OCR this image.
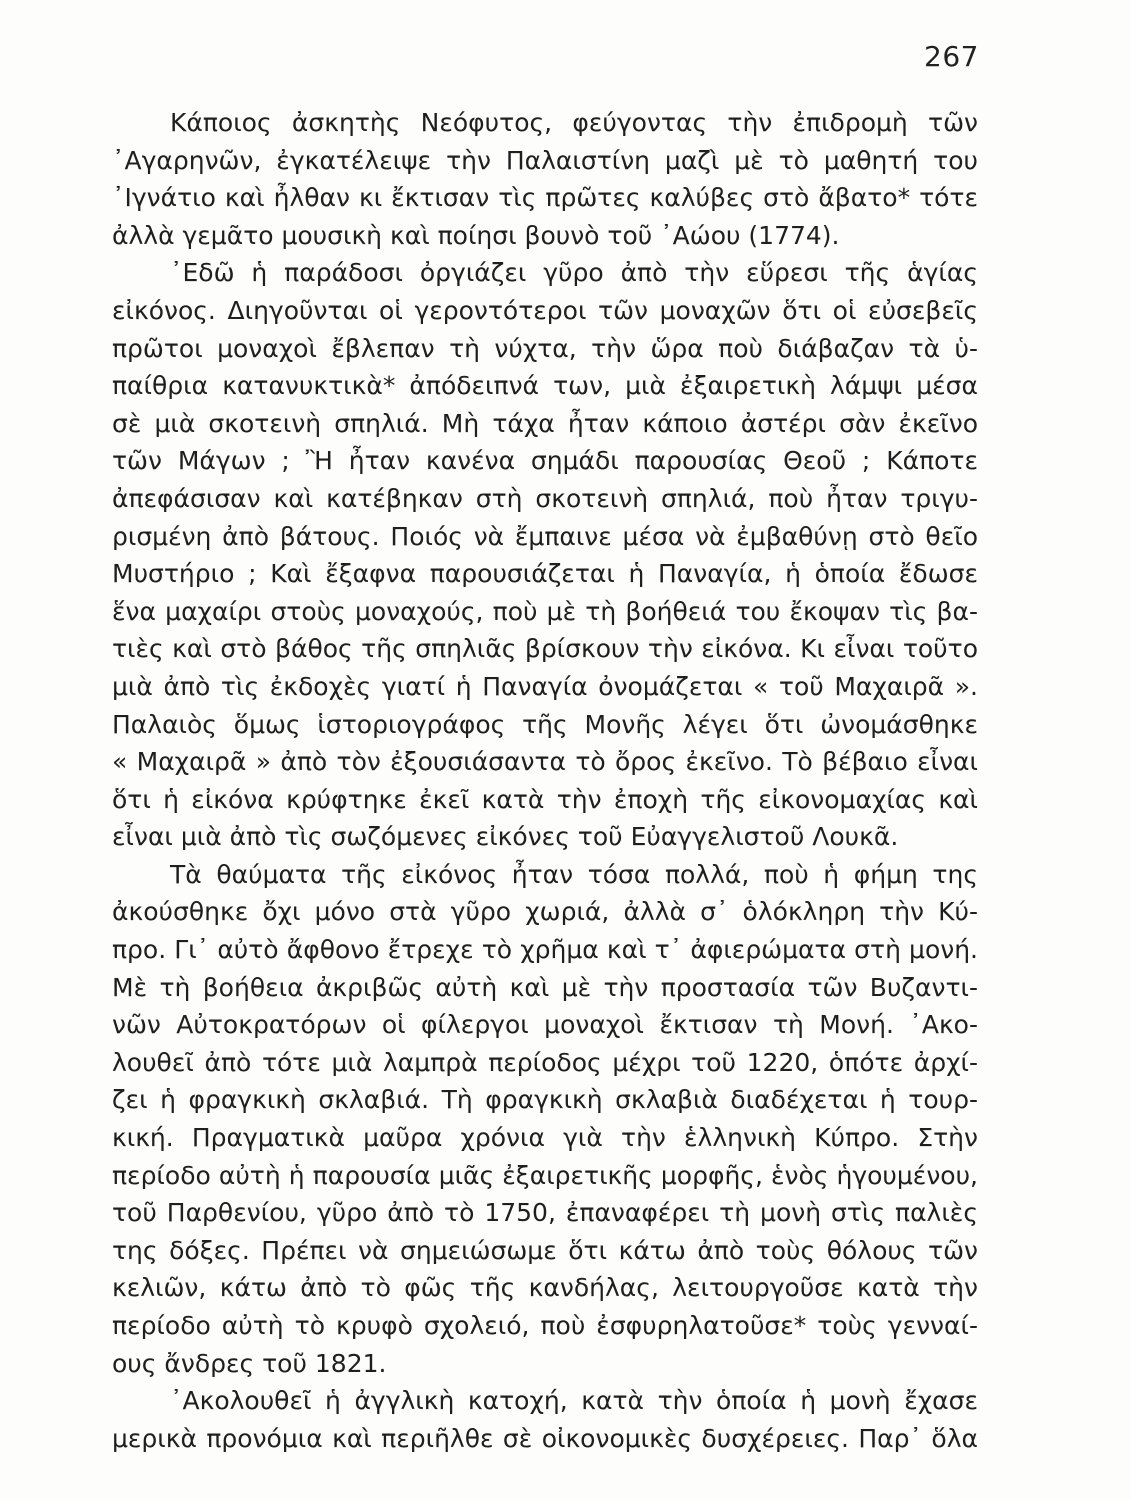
267
Κάποιος ἀσκητὴς Νεόφυτος, φεύγοντας τὴν ἐπιδρομὴ τῶν
᾿Αγαρηνῶν, ἐγκατέλειψε τὴν Παλαιστίνη μαζὶ μὲ τὸ μαθητή του
᾿Ιγνάτιο καὶ ἦλθαν κι ἔκτισαν τὶς πρῶτες καλύβες στὸ ἄβατο* τότε
ἀλλὰ γεμᾶτο μουσικὴ καὶ ποίησι βουνὸ τοῦ ᾿Αώου (1774).
᾿Εδῶ ἡ παράδοσι ὀργιάζει γῦρο ἀπὸ τὴν εὕρεσι τῆς ἁγίας
εἰκόνος. Διηγοῦνται οἱ γεροντότεροι τῶν μοναχῶν ὅτι οἱ εὐσεβεῖς
πρῶτοι μοναχοὶ ἔβλεπαν τὴ νύχτα, τὴν ὥρα ποὺ διάβαζαν τὰ ὑ-
παίθρια κατανυκτικὰ* ἀπόδειπνά των, μιὰ ἐξαιρετικὴ λάμψι μέσα
σὲ μιὰ σκοτεινὴ σπηλιά. Μὴ τάχα ἦταν κάποιο ἀστέρι σὰν ἐκεῖνο
τῶν Μάγων ; Ἢ ἦταν κανένα σημάδι παρουσίας Θεοῦ ; Κάποτε
ἀπεφάσισαν καὶ κατέβηκαν στὴ σκοτεινὴ σπηλιά, ποὺ ἦταν τριγυ-
ρισμένη ἀπὸ βάτους. Ποιός νὰ ἔμπαινε μέσα νὰ ἐμβαθύνῃ στὸ θεῖο
Μυστήριο ; Καὶ ἔξαφνα παρουσιάζεται ἡ Παναγία, ἡ ὁποία ἔδωσε
ἕνα μαχαίρι στοὺς μοναχούς, ποὺ μὲ τὴ βοήθειά του ἔκοψαν τὶς βα-
τιὲς καὶ στὸ βάθος τῆς σπηλιᾶς βρίσκουν τὴν εἰκόνα. Κι εἶναι τοῦτο
μιὰ ἀπὸ τὶς ἐκδοχὲς γιατί ἡ Παναγία ὀνομάζεται « τοῦ Μαχαιρᾶ ».
Παλαιὸς ὅμως ἱστοριογράφος τῆς Μονῆς λέγει ὅτι ὠνομάσθηκε
« Μαχαιρᾶ » ἀπὸ τὸν ἐξουσιάσαντα τὸ ὄρος ἐκεῖνο. Τὸ βέβαιο εἶναι
ὅτι ἡ εἰκόνα κρύφτηκε ἐκεῖ κατὰ τὴν ἐποχὴ τῆς εἰκονομαχίας καὶ
εἶναι μιὰ ἀπὸ τὶς σωζόμενες εἰκόνες τοῦ Εὐαγγελιστοῦ Λουκᾶ.
Τὰ θαύματα τῆς εἰκόνος ἦταν τόσα πολλά, ποὺ ἡ φήμη της
ἀκούσθηκε ὄχι μόνο στὰ γῦρο χωριά, ἀλλὰ σ᾿ ὁλόκληρη τὴν Κύ-
προ. Γι᾿ αὐτὸ ἄφθονο ἔτρεχε τὸ χρῆμα καὶ τ᾿ ἀφιερώματα στὴ μονή.
Μὲ τὴ βοήθεια ἀκριβῶς αὐτὴ καὶ μὲ τὴν προστασία τῶν Βυζαντι-
νῶν Αὐτοκρατόρων οἱ φίλεργοι μοναχοὶ ἔκτισαν τὴ Μονή. ᾿Ακο-
λουθεῖ ἀπὸ τότε μιὰ λαμπρὰ περίοδος μέχρι τοῦ 1220, ὁπότε ἀρχί-
ζει ἡ φραγκικὴ σκλαβιά. Τὴ φραγκικὴ σκλαβιὰ διαδέχεται ἡ τουρ-
κική. Πραγματικὰ μαῦρα χρόνια γιὰ τὴν ἑλληνικὴ Κύπρο. Στὴν
περίοδο αὐτὴ ἡ παρουσία μιᾶς ἐξαιρετικῆς μορφῆς, ἑνὸς ἡγουμένου,
τοῦ Παρθενίου, γῦρο ἀπὸ τὸ 1750, ἐπαναφέρει τὴ μονὴ στὶς παλιὲς
της δόξες. Πρέπει νὰ σημειώσωμε ὅτι κάτω ἀπὸ τοὺς θόλους τῶν
κελιῶν, κάτω ἀπὸ τὸ φῶς τῆς κανδήλας, λειτουργοῦσε κατὰ τὴν
περίοδο αὐτὴ τὸ κρυφὸ σχολειό, ποὺ ἐσφυρηλατοῦσε* τοὺς γενναί-
ους ἄνδρες τοῦ 1821.
᾿Ακολουθεῖ ἡ ἀγγλικὴ κατοχή, κατὰ τὴν ὁποία ἡ μονὴ ἔχασε
μερικὰ προνόμια καὶ περιῆλθε σὲ οἰκονομικὲς δυσχέρειες. Παρ᾿ ὅλα
